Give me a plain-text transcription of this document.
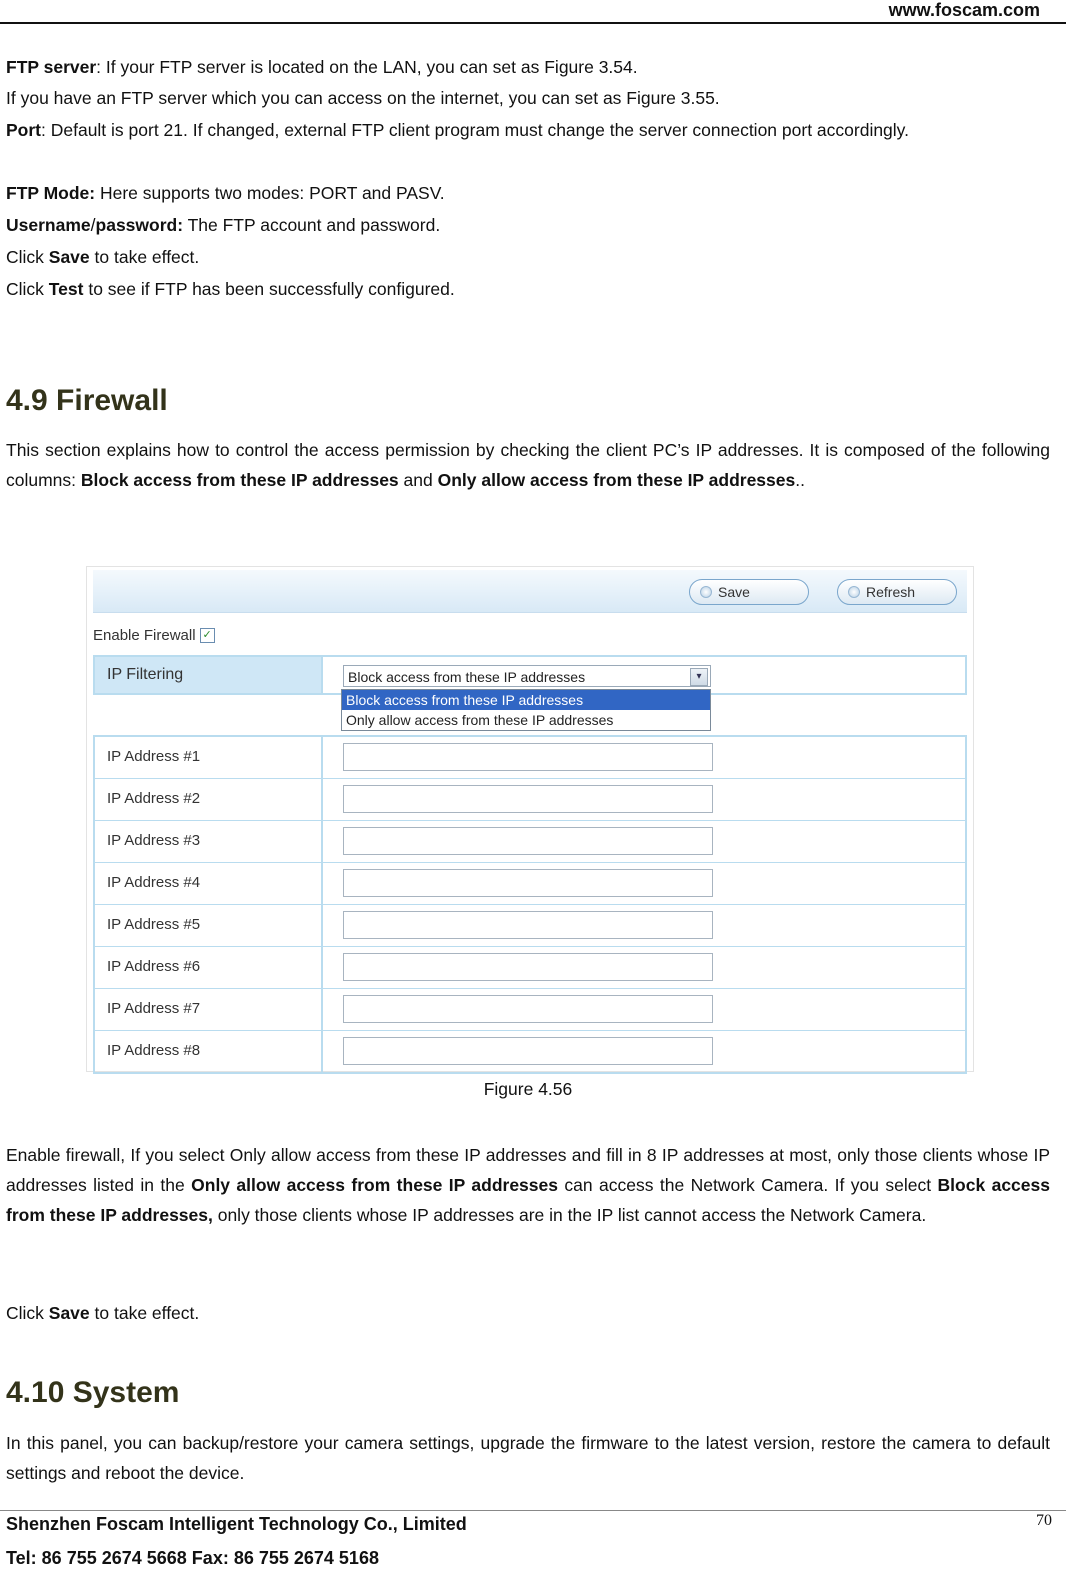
www.foscam.com

FTP server: If your FTP server is located on the LAN, you can set as Figure 3.54.

If you have an FTP server which you can access on the internet, you can set as Figure 3.55.

Port: Default is port 21. If changed, external FTP client program must change the server connection port accordingly.

FTP Mode: Here supports two modes: PORT and PASV.

Username/password: The FTP account and password.

Click Save to take effect.

Click Test to see if FTP has been successfully configured.

4.9 Firewall

This section explains how to control the access permission by checking the client PC’s IP addresses. It is composed of the following columns: Block access from these IP addresses and Only allow access from these IP addresses..

Save	Refresh
Enable Firewall ✓
IP Filtering	Block access from these IP addresses	▾
Block access from these IP addresses
Only allow access from these IP addresses
IP Address #1
IP Address #2
IP Address #3
IP Address #4
IP Address #5
IP Address #6
IP Address #7
IP Address #8
Figure 4.56

Enable firewall, If you select Only allow access from these IP addresses and fill in 8 IP addresses at most, only those clients whose IP addresses listed in the Only allow access from these IP addresses can access the Network Camera. If you select Block access from these IP addresses, only those clients whose IP addresses are in the IP list cannot access the Network Camera.

Click Save to take effect.

4.10 System

In this panel, you can backup/restore your camera settings, upgrade the firmware to the latest version, restore the camera to default settings and reboot the device.

Shenzhen Foscam Intelligent Technology Co., Limited
Tel: 86 755 2674 5668 Fax: 86 755 2674 5168
70
